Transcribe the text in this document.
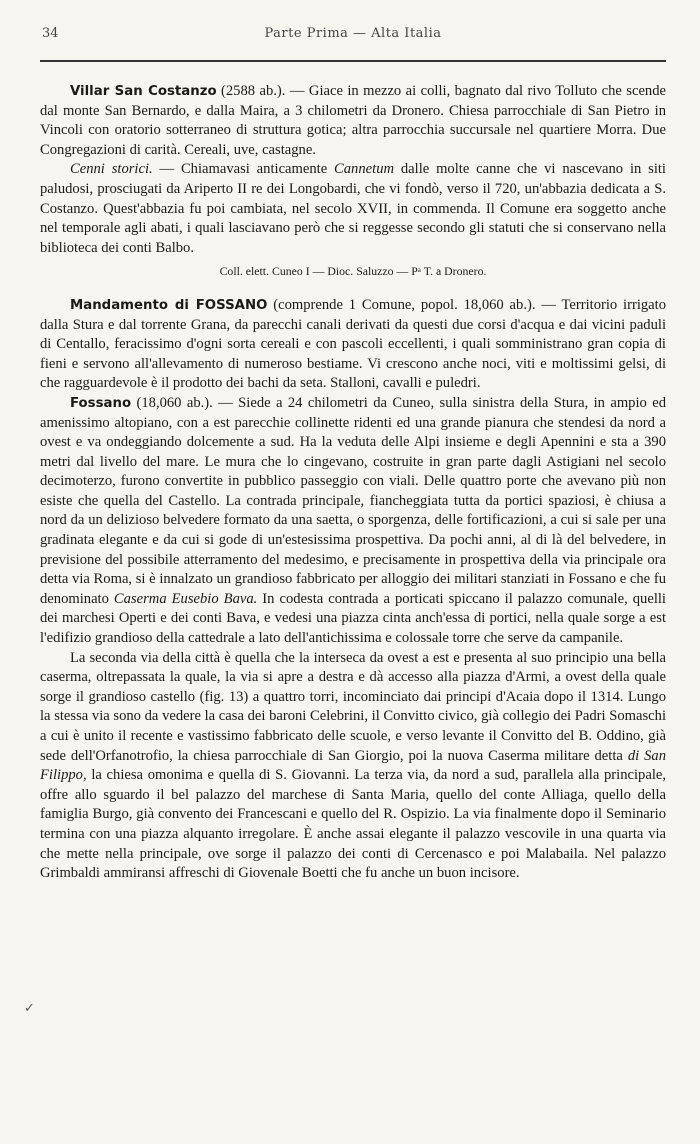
34	Parte Prima — Alta Italia

Villar San Costanzo (2588 ab.). — Giace in mezzo ai colli, bagnato dal rivo Tolluto che scende dal monte San Bernardo, e dalla Maira, a 3 chilometri da Dronero. Chiesa parrocchiale di San Pietro in Vincoli con oratorio sotterraneo di struttura gotica; altra parrocchia succursale nel quartiere Morra. Due Congregazioni di carità. Cereali, uve, castagne.

Cenni storici. — Chiamavasi anticamente Cannetum dalle molte canne che vi nascevano in siti paludosi, prosciugati da Ariperto II re dei Longobardi, che vi fondò, verso il 720, un'abbazia dedicata a S. Costanzo. Quest'abbazia fu poi cambiata, nel secolo XVII, in commenda. Il Comune era soggetto anche nel temporale agli abati, i quali lasciavano però che si reggesse secondo gli statuti che si conservano nella biblioteca dei conti Balbo.

Coll. elett. Cuneo I — Dioc. Saluzzo — Pᵃ T. a Dronero.

Mandamento di FOSSANO (comprende 1 Comune, popol. 18,060 ab.). — Territorio irrigato dalla Stura e dal torrente Grana, da parecchi canali derivati da questi due corsi d'acqua e dai vicini paduli di Centallo, feracissimo d'ogni sorta cereali e con pascoli eccellenti, i quali somministrano gran copia di fieni e servono all'allevamento di numeroso bestiame. Vi crescono anche noci, viti e moltissimi gelsi, di che ragguardevole è il prodotto dei bachi da seta. Stalloni, cavalli e puledri.

Fossano (18,060 ab.). — Siede a 24 chilometri da Cuneo, sulla sinistra della Stura, in ampio ed amenissimo altopiano, con a est parecchie collinette ridenti ed una grande pianura che stendesi da nord a ovest e va ondeggiando dolcemente a sud. Ha la veduta delle Alpi insieme e degli Apennini e sta a 390 metri dal livello del mare. Le mura che lo cingevano, costruite in gran parte dagli Astigiani nel secolo decimoterzo, furono convertite in pubblico passeggio con viali. Delle quattro porte che avevano più non esiste che quella del Castello. La contrada principale, fiancheggiata tutta da portici spaziosi, è chiusa a nord da un delizioso belvedere formato da una saetta, o sporgenza, delle fortificazioni, a cui si sale per una gradinata elegante e da cui si gode di un'estesissima prospettiva. Da pochi anni, al di là del belvedere, in previsione del possibile atterramento del medesimo, e precisamente in prospettiva della via principale ora detta via Roma, si è innalzato un grandioso fabbricato per alloggio dei militari stanziati in Fossano e che fu denominato Caserma Eusebio Bava. In codesta contrada a porticati spiccano il palazzo comunale, quelli dei marchesi Operti e dei conti Bava, e vedesi una piazza cinta anch'essa di portici, nella quale sorge a est l'edifizio grandioso della cattedrale a lato dell'antichissima e colossale torre che serve da campanile.

La seconda via della città è quella che la interseca da ovest a est e presenta al suo principio una bella caserma, oltrepassata la quale, la via si apre a destra e dà accesso alla piazza d'Armi, a ovest della quale sorge il grandioso castello (fig. 13) a quattro torri, incominciato dai principi d'Acaia dopo il 1314. Lungo la stessa via sono da vedere la casa dei baroni Celebrini, il Convitto civico, già collegio dei Padri Somaschi a cui è unito il recente e vastissimo fabbricato delle scuole, e verso levante il Convitto del B. Oddino, già sede dell'Orfanotrofio, la chiesa parrocchiale di San Giorgio, poi la nuova Caserma militare detta di San Filippo, la chiesa omonima e quella di S. Giovanni. La terza via, da nord a sud, parallela alla principale, offre allo sguardo il bel palazzo del marchese di Santa Maria, quello del conte Alliaga, quello della famiglia Burgo, già convento dei Francescani e quello del R. Ospizio. La via finalmente dopo il Seminario termina con una piazza alquanto irregolare. È anche assai elegante il palazzo vescovile in una quarta via che mette nella principale, ove sorge il palazzo dei conti di Cercenasco e poi Malabaila. Nel palazzo Grimbaldi ammiransi affreschi di Giovenale Boetti che fu anche un buon incisore.

✓
